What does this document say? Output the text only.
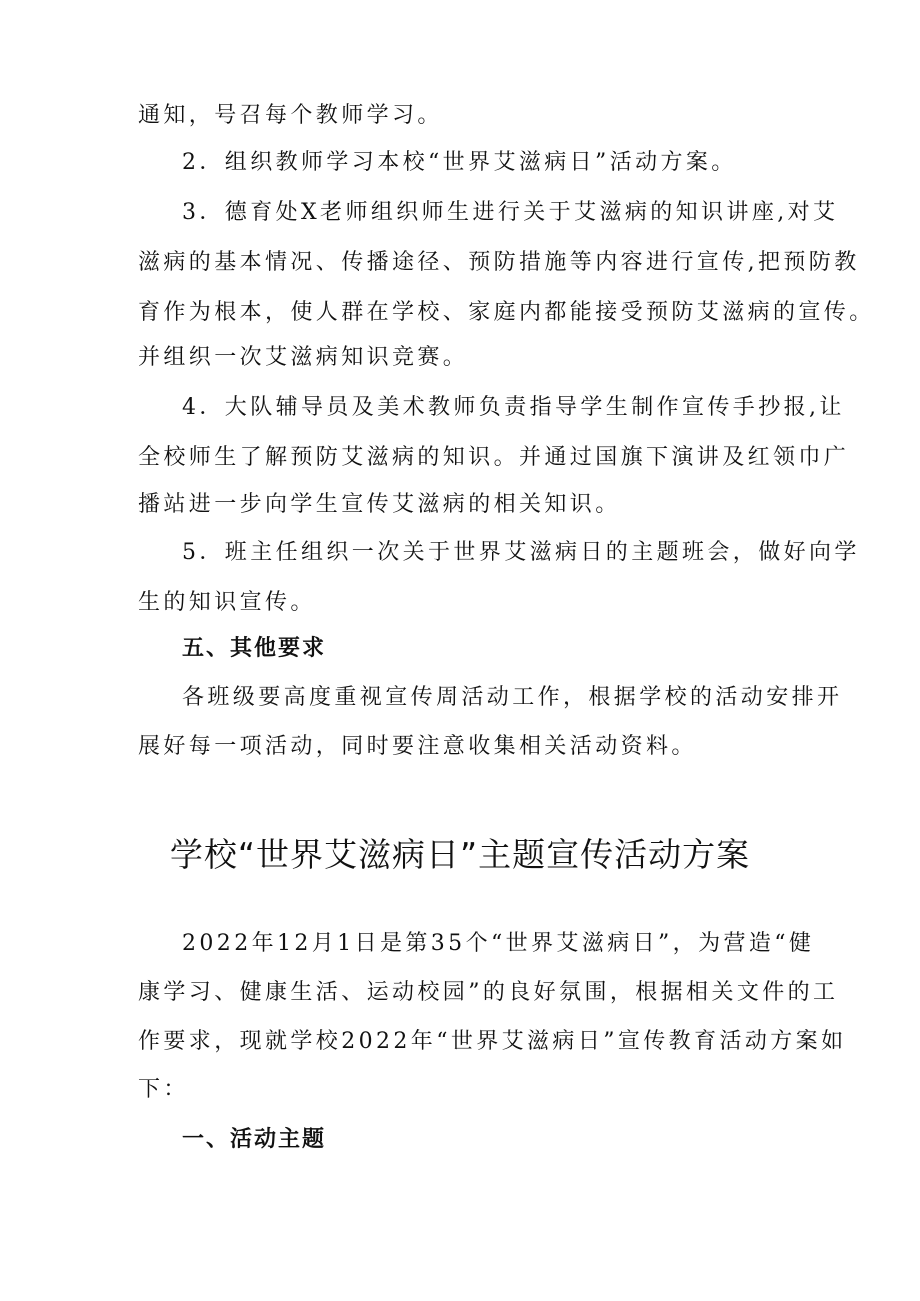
通知，号召每个教师学习。
2．组织教师学习本校“世界艾滋病日”活动方案。
3．德育处X老师组织师生进行关于艾滋病的知识讲座,对艾
滋病的基本情况、传播途径、预防措施等内容进行宣传,把预防教
育作为根本，使人群在学校、家庭内都能接受预防艾滋病的宣传。
并组织一次艾滋病知识竞赛。
4．大队辅导员及美术教师负责指导学生制作宣传手抄报,让
全校师生了解预防艾滋病的知识。并通过国旗下演讲及红领巾广
播站进一步向学生宣传艾滋病的相关知识。
5．班主任组织一次关于世界艾滋病日的主题班会，做好向学
生的知识宣传。
五、其他要求
各班级要高度重视宣传周活动工作，根据学校的活动安排开
展好每一项活动，同时要注意收集相关活动资料。
学校“世界艾滋病日”主题宣传活动方案
2022年12月1日是第35个“世界艾滋病日”，为营造“健
康学习、健康生活、运动校园”的良好氛围，根据相关文件的工
作要求，现就学校2022年“世界艾滋病日”宣传教育活动方案如
下：
一、活动主题
